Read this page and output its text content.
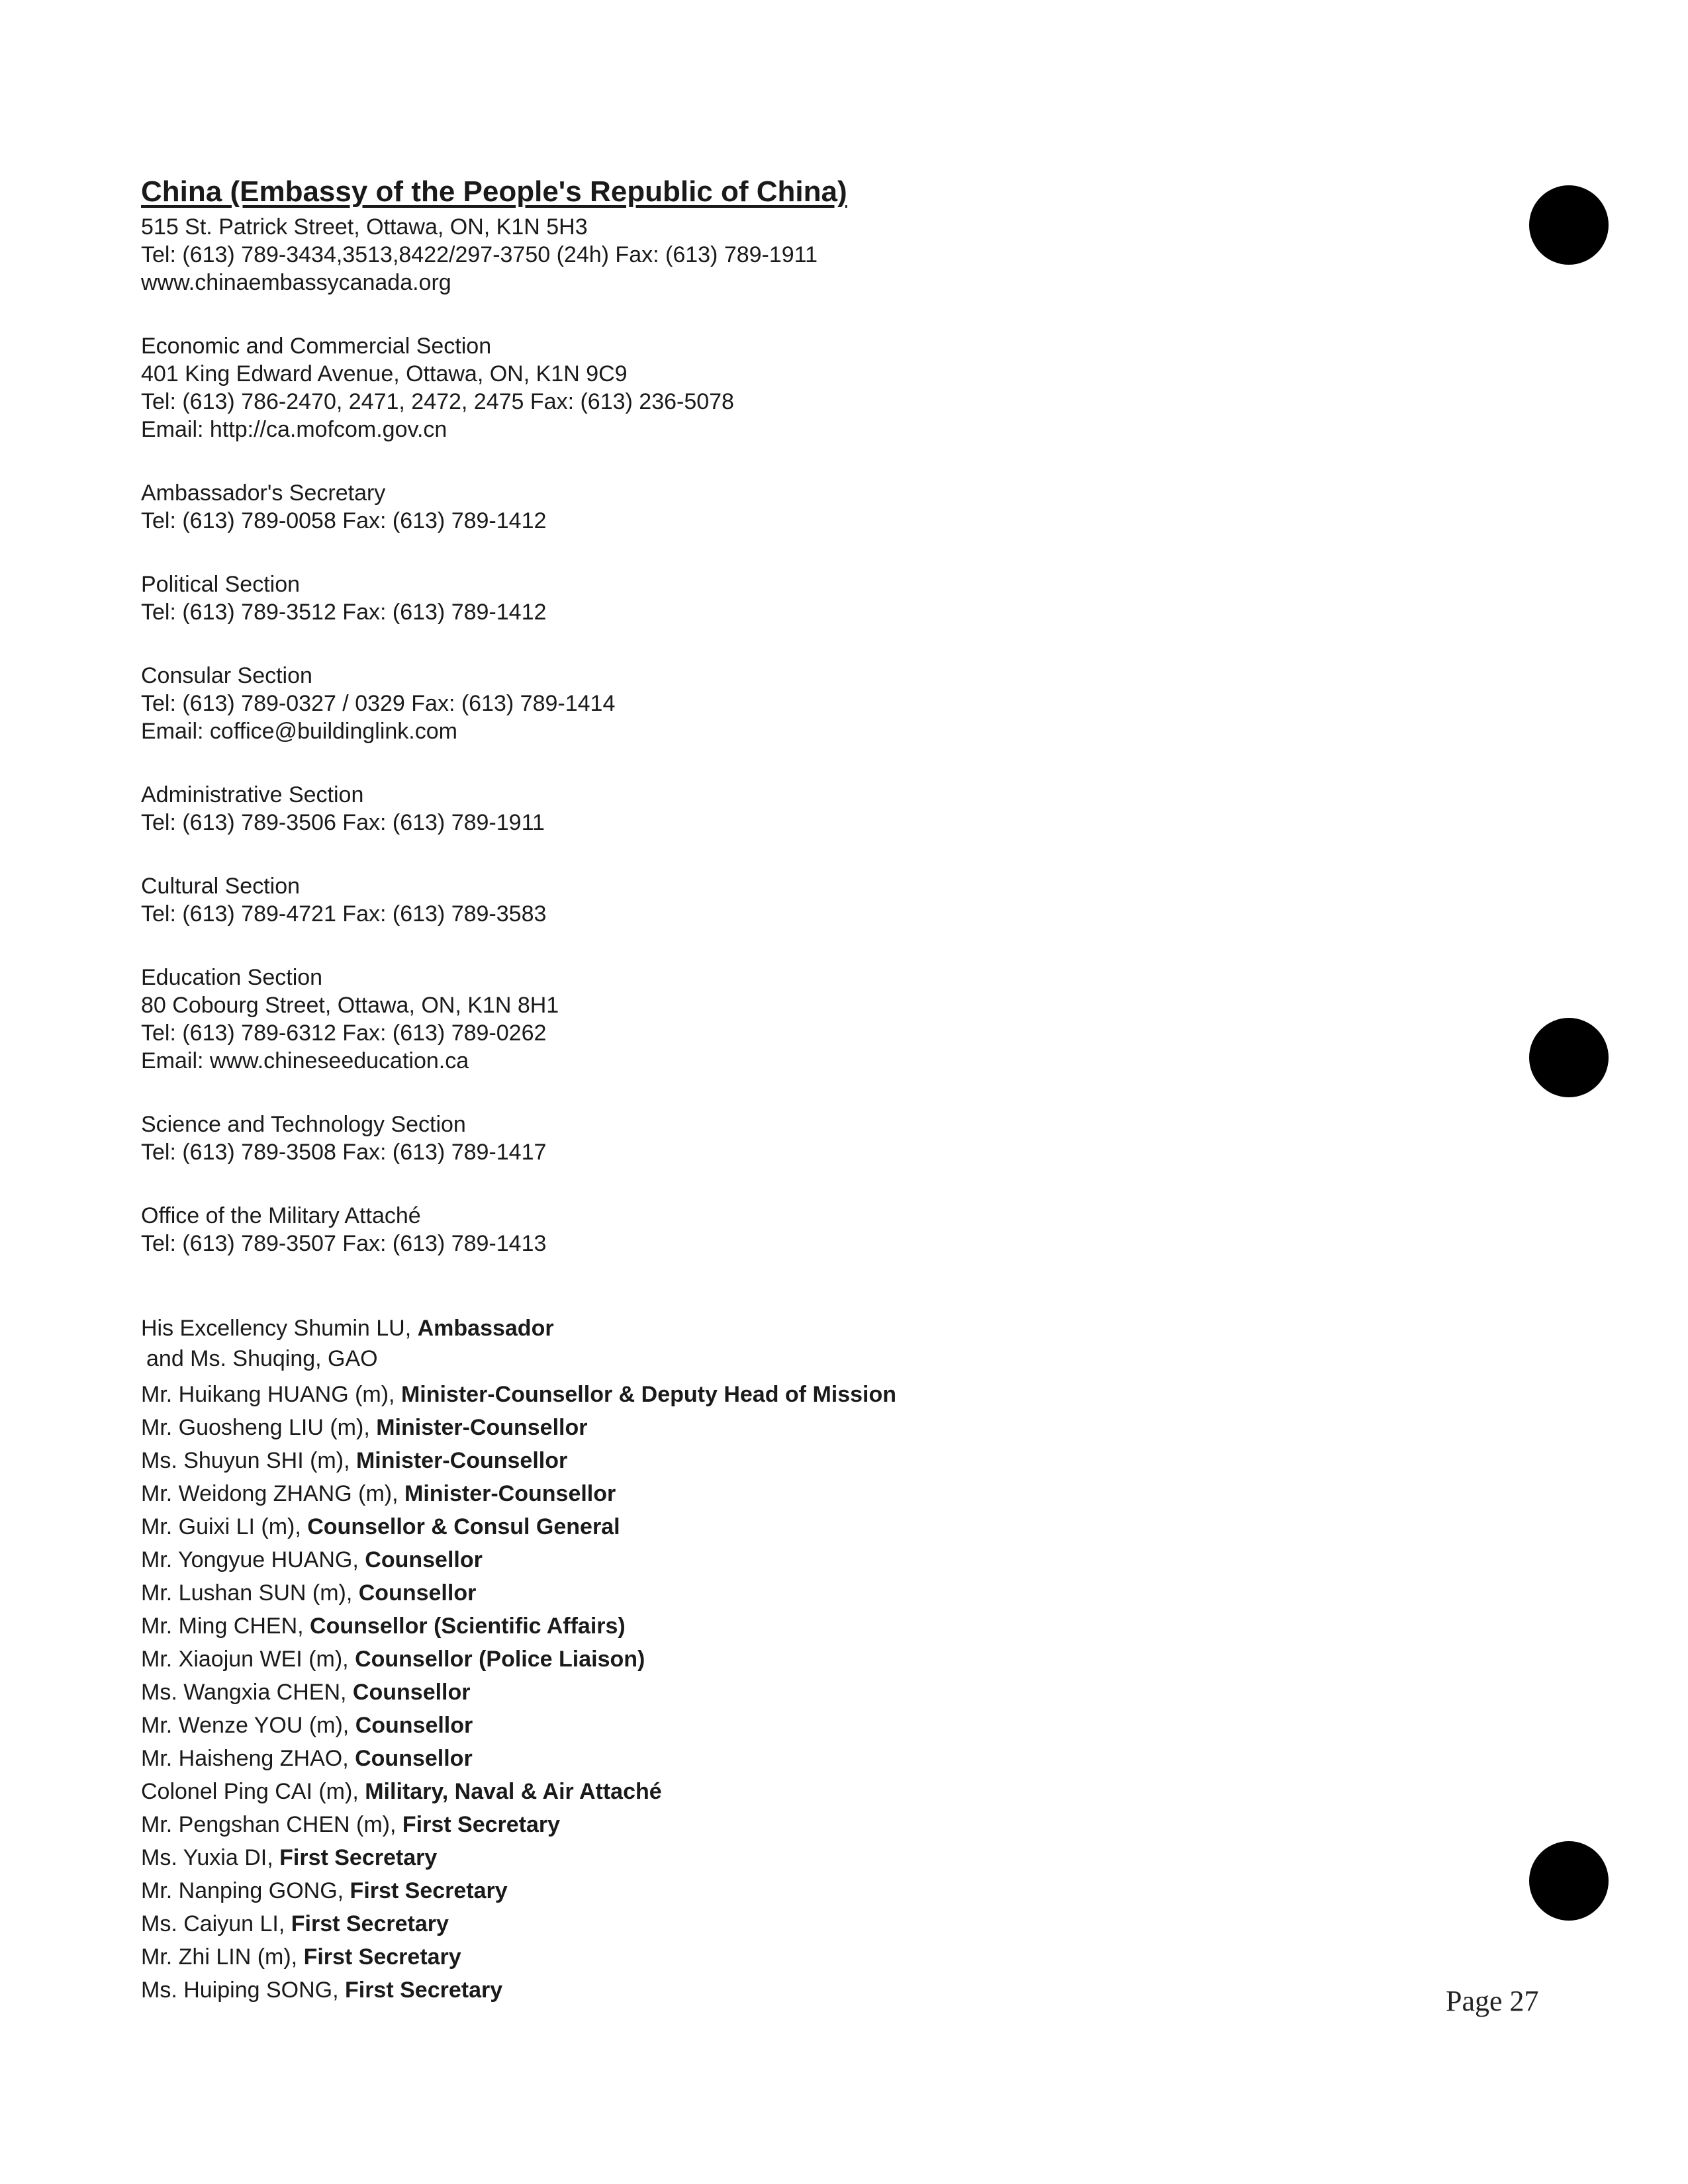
China (Embassy of the People's Republic of China)
515 St. Patrick Street, Ottawa, ON, K1N 5H3
Tel: (613) 789-3434,3513,8422/297-3750 (24h) Fax: (613) 789-1911
www.chinaembassycanada.org
Economic and Commercial Section
401 King Edward Avenue, Ottawa, ON, K1N 9C9
Tel: (613) 786-2470, 2471, 2472, 2475 Fax: (613) 236-5078
Email: http://ca.mofcom.gov.cn
Ambassador's Secretary
Tel: (613) 789-0058 Fax: (613) 789-1412
Political Section
Tel: (613) 789-3512 Fax: (613) 789-1412
Consular Section
Tel: (613) 789-0327 / 0329 Fax: (613) 789-1414
Email: coffice@buildinglink.com
Administrative Section
Tel: (613) 789-3506 Fax: (613) 789-1911
Cultural Section
Tel: (613) 789-4721 Fax: (613) 789-3583
Education Section
80 Cobourg Street, Ottawa, ON, K1N 8H1
Tel: (613) 789-6312 Fax: (613) 789-0262
Email: www.chineseeducation.ca
Science and Technology Section
Tel: (613) 789-3508 Fax: (613) 789-1417
Office of the Military Attaché
Tel: (613) 789-3507 Fax: (613) 789-1413
His Excellency Shumin LU, Ambassador
and Ms. Shuqing, GAO
Mr. Huikang HUANG (m), Minister-Counsellor & Deputy Head of Mission
Mr. Guosheng LIU (m), Minister-Counsellor
Ms. Shuyun SHI (m), Minister-Counsellor
Mr. Weidong ZHANG (m), Minister-Counsellor
Mr. Guixi LI (m), Counsellor & Consul General
Mr. Yongyue HUANG, Counsellor
Mr. Lushan SUN (m), Counsellor
Mr. Ming CHEN, Counsellor (Scientific Affairs)
Mr. Xiaojun WEI (m), Counsellor (Police Liaison)
Ms. Wangxia CHEN, Counsellor
Mr. Wenze YOU (m), Counsellor
Mr. Haisheng ZHAO, Counsellor
Colonel Ping CAI (m), Military, Naval & Air Attaché
Mr. Pengshan CHEN (m), First Secretary
Ms. Yuxia DI, First Secretary
Mr. Nanping GONG, First Secretary
Ms. Caiyun LI, First Secretary
Mr. Zhi LIN (m), First Secretary
Ms. Huiping SONG, First Secretary	Page 27
